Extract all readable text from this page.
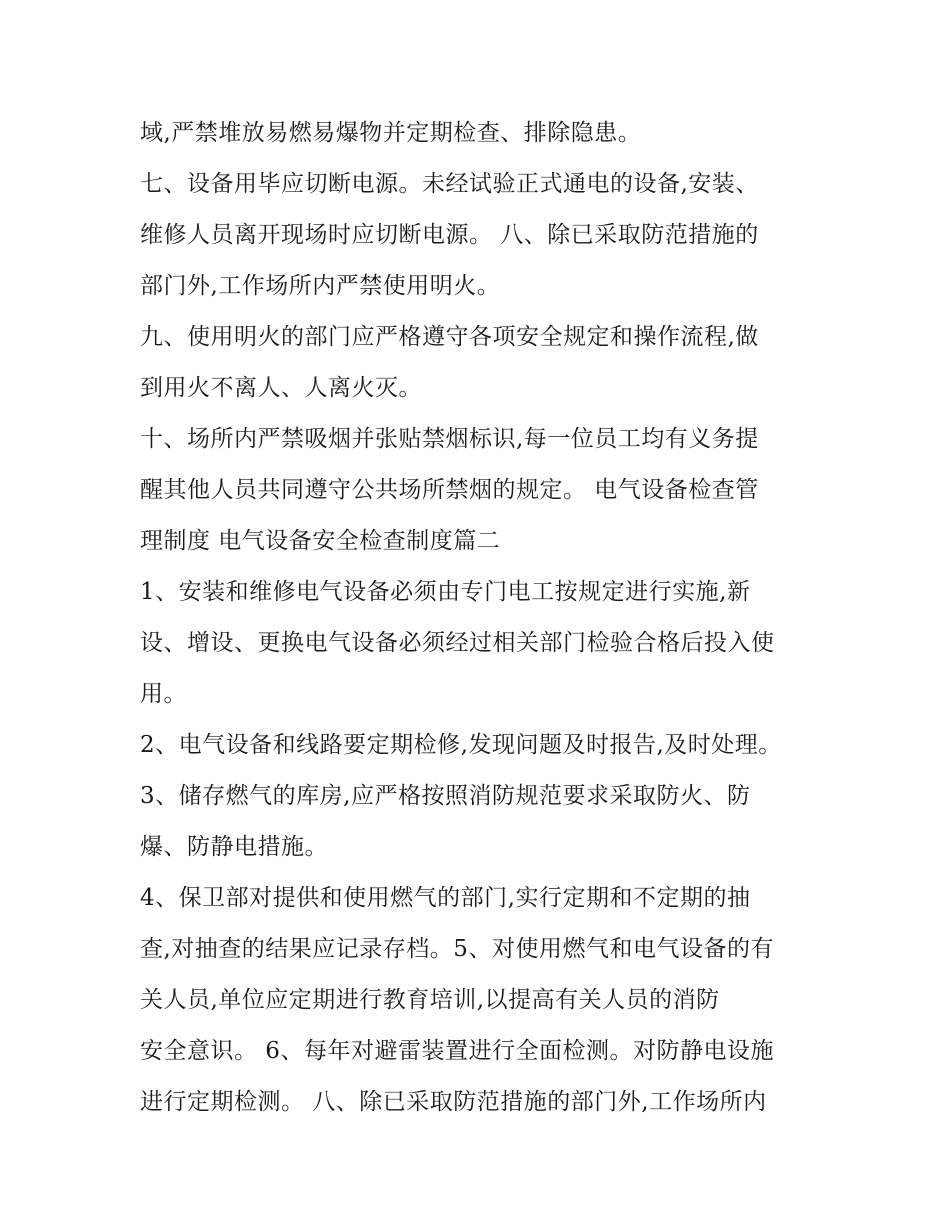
域,严禁堆放易燃易爆物并定期检查、排除隐患。
七、设备用毕应切断电源。未经试验正式通电的设备,安装、
维修人员离开现场时应切断电源。 八、除已采取防范措施的
部门外,工作场所内严禁使用明火。
九、使用明火的部门应严格遵守各项安全规定和操作流程,做
到用火不离人、人离火灭。
十、场所内严禁吸烟并张贴禁烟标识,每一位员工均有义务提
醒其他人员共同遵守公共场所禁烟的规定。 电气设备检查管
理制度 电气设备安全检查制度篇二
1、安装和维修电气设备必须由专门电工按规定进行实施,新
设、增设、更换电气设备必须经过相关部门检验合格后投入使
用。
2、电气设备和线路要定期检修,发现问题及时报告,及时处理。
3、储存燃气的库房,应严格按照消防规范要求采取防火、防
爆、防静电措施。
4、保卫部对提供和使用燃气的部门,实行定期和不定期的抽
查,对抽查的结果应记录存档。5、对使用燃气和电气设备的有
关人员,单位应定期进行教育培训,以提高有关人员的消防
安全意识。 6、每年对避雷装置进行全面检测。对防静电设施
进行定期检测。 八、除已采取防范措施的部门外,工作场所内
